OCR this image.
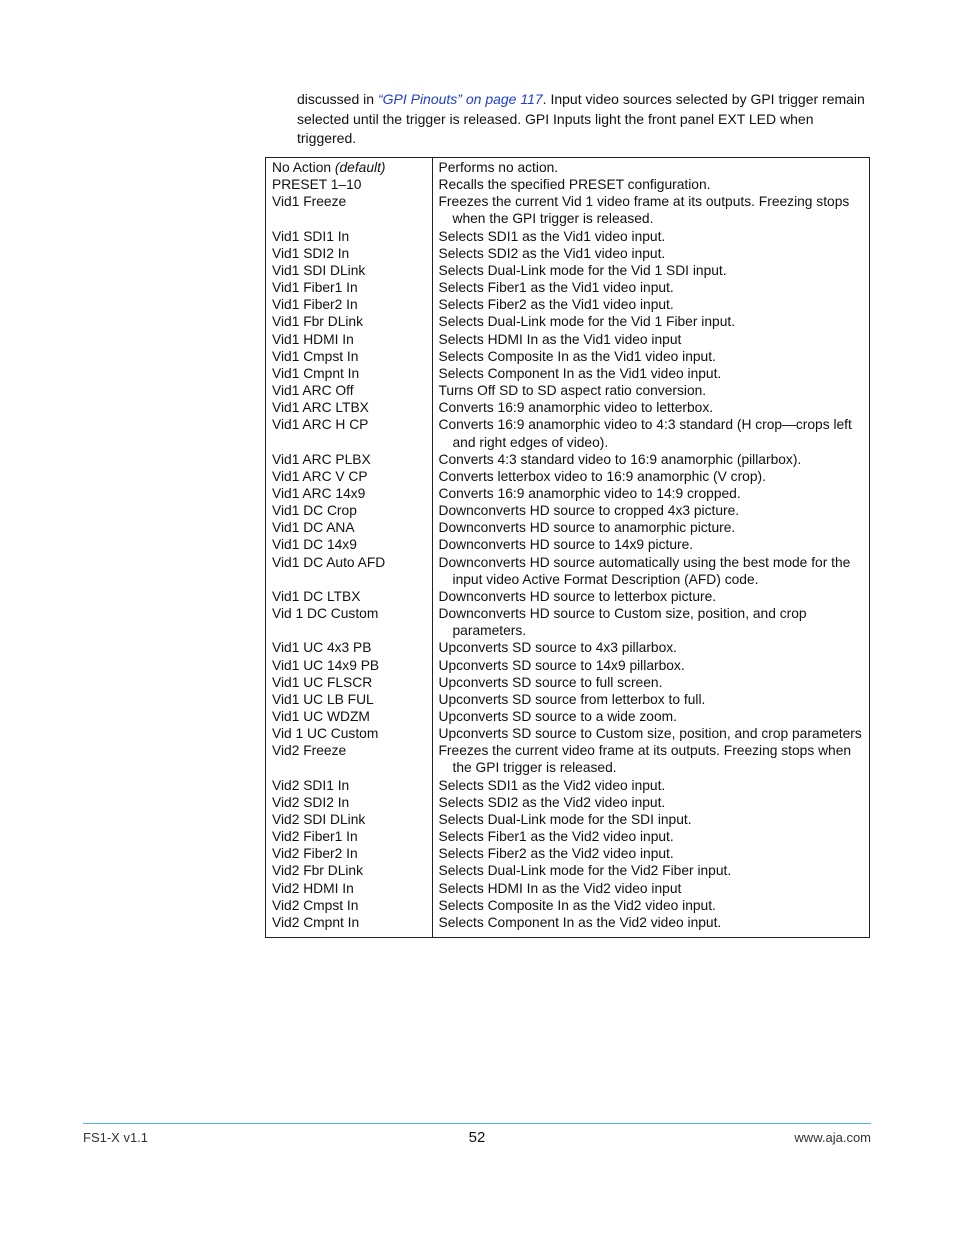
discussed in “GPI Pinouts” on page 117. Input video sources selected by GPI trigger remain selected until the trigger is released. GPI Inputs light the front panel EXT LED when triggered.

No Action (default)	Performs no action.

PRESET 1–10	Recalls the specified PRESET configuration.

Vid1 Freeze	Freezes the current Vid 1 video frame at its outputs. Freezing stops when the GPI trigger is released.

Vid1 SDI1 In	Selects SDI1 as the Vid1 video input.

Vid1 SDI2 In	Selects SDI2 as the Vid1 video input.

Vid1 SDI DLink	Selects Dual-Link mode for the Vid 1 SDI input.

Vid1 Fiber1 In	Selects Fiber1 as the Vid1 video input.

Vid1 Fiber2 In	Selects Fiber2 as the Vid1 video input.

Vid1 Fbr DLink	Selects Dual-Link mode for the Vid 1 Fiber input.

Vid1 HDMI In	Selects HDMI In as the Vid1 video input

Vid1 Cmpst In	Selects Composite In as the Vid1 video input.

Vid1 Cmpnt In	Selects Component In as the Vid1 video input.

Vid1 ARC Off	Turns Off SD to SD aspect ratio conversion.

Vid1 ARC LTBX	Converts 16:9 anamorphic video to letterbox.

Vid1 ARC H CP	Converts 16:9 anamorphic video to 4:3 standard (H crop—crops left and right edges of video).

Vid1 ARC PLBX	Converts 4:3 standard video to 16:9 anamorphic (pillarbox).

Vid1 ARC V CP	Converts letterbox video to 16:9 anamorphic (V crop).

Vid1 ARC 14x9	Converts 16:9 anamorphic video to 14:9 cropped.

Vid1 DC Crop	Downconverts HD source to cropped 4x3 picture.

Vid1 DC ANA	Downconverts HD source to anamorphic picture.

Vid1 DC 14x9	Downconverts HD source to 14x9 picture.

Vid1 DC Auto AFD	Downconverts HD source automatically using the best mode for the input video Active Format Description (AFD) code.

Vid1 DC LTBX	Downconverts HD source to letterbox picture.

Vid 1 DC Custom	Downconverts HD source to Custom size, position, and crop parameters.

Vid1 UC 4x3 PB	Upconverts SD source to 4x3 pillarbox.

Vid1 UC 14x9 PB	Upconverts SD source to 14x9 pillarbox.

Vid1 UC FLSCR	Upconverts SD source to full screen.

Vid1 UC LB FUL	Upconverts SD source from letterbox to full.

Vid1 UC WDZM	Upconverts SD source to a wide zoom.

Vid 1 UC Custom	Upconverts SD source to Custom size, position, and crop parameters

Vid2 Freeze	Freezes the current video frame at its outputs. Freezing stops when the GPI trigger is released.

Vid2 SDI1 In	Selects SDI1 as the Vid2 video input.

Vid2 SDI2 In	Selects SDI2 as the Vid2 video input.

Vid2 SDI DLink	Selects Dual-Link mode for the SDI input.

Vid2 Fiber1 In	Selects Fiber1 as the Vid2 video input.

Vid2 Fiber2 In	Selects Fiber2 as the Vid2 video input.

Vid2 Fbr DLink	Selects Dual-Link mode for the Vid2 Fiber input.

Vid2 HDMI In	Selects HDMI In as the Vid2 video input

Vid2 Cmpst In	Selects Composite In as the Vid2 video input.

Vid2 Cmpnt In	Selects Component In as the Vid2 video input.
FS1-X v1.1	52	www.aja.com
